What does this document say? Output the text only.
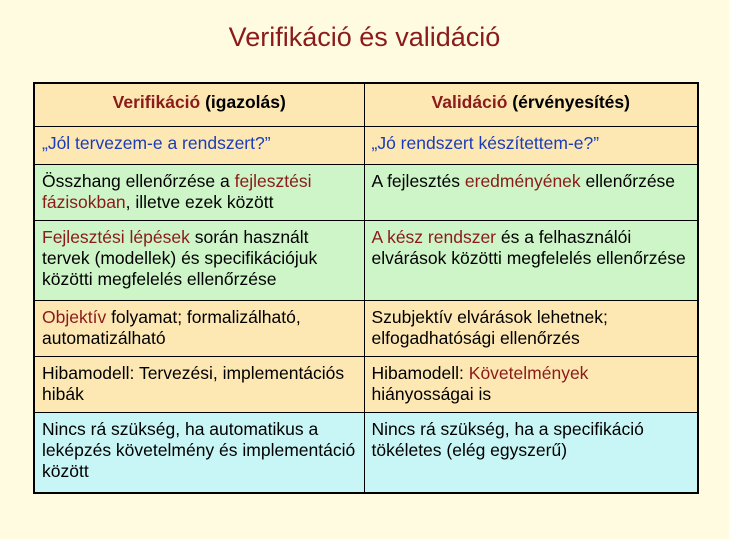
Verifikáció és validáció
Verifikáció (igazolás)	Validáció (érvényesítés)
„Jól tervezem-e a rendszert?”	„Jó rendszert készítettem-e?”
Összhang ellenőrzése a fejlesztési fázisokban, illetve ezek között	A fejlesztés eredményének ellenőrzése
Fejlesztési lépések során használt tervek (modellek) és specifikációjuk közötti megfelelés ellenőrzése	A kész rendszer és a felhasználói elvárások közötti megfelelés ellenőrzése
Objektív folyamat; formalizálható, automatizálható	Szubjektív elvárások lehetnek; elfogadhatósági ellenőrzés
Hibamodell: Tervezési, implementációs hibák	Hibamodell: Követelmények hiányosságai is
Nincs rá szükség, ha automatikus a leképzés követelmény és implementáció között	Nincs rá szükség, ha a specifikáció tökéletes (elég egyszerű)
